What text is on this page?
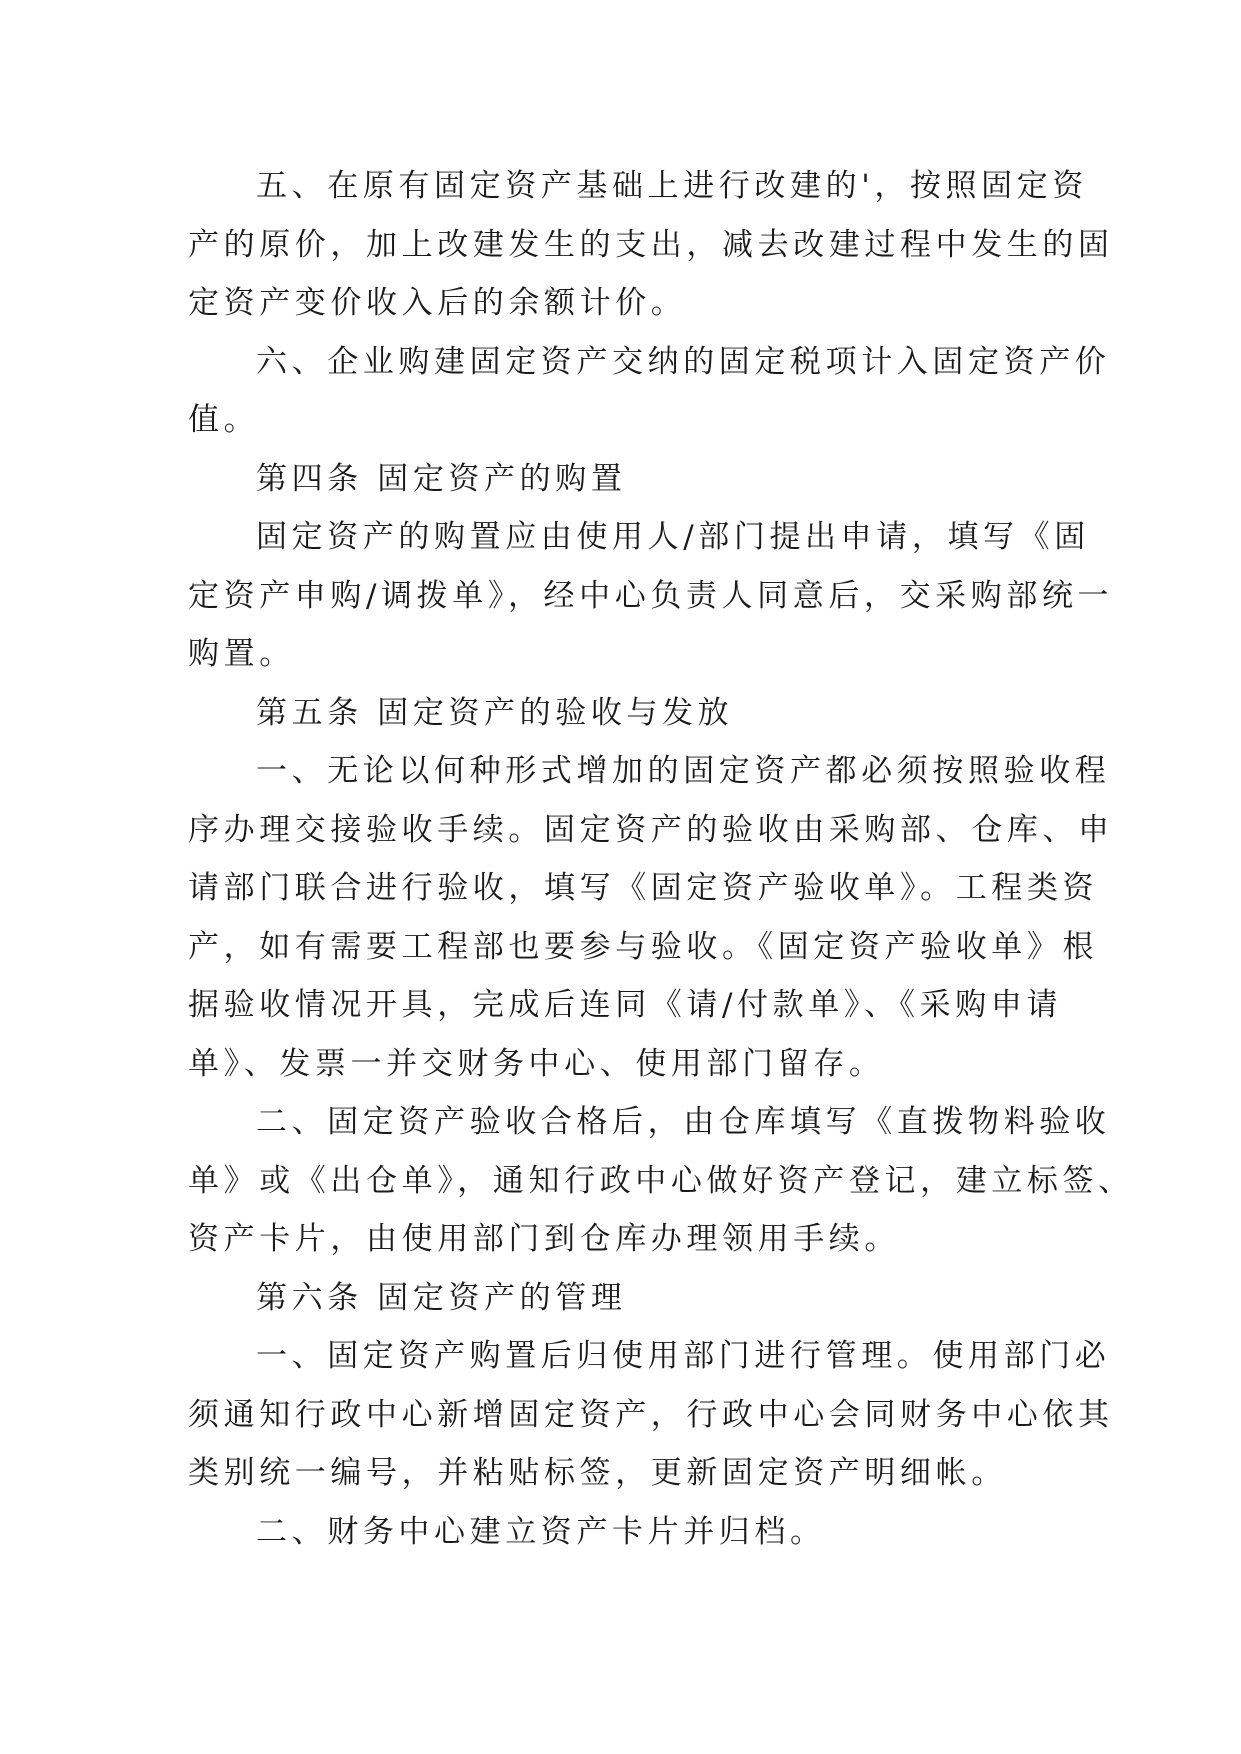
五、在原有固定资产基础上进行改建的'，按照固定资
产的原价，加上改建发生的支出，减去改建过程中发生的固
定资产变价收入后的余额计价。
六、企业购建固定资产交纳的固定税项计入固定资产价
值。
第四条 固定资产的购置
固定资产的购置应由使用人/部门提出申请，填写《固
定资产申购/调拨单》，经中心负责人同意后，交采购部统一
购置。
第五条 固定资产的验收与发放
一、无论以何种形式增加的固定资产都必须按照验收程
序办理交接验收手续。固定资产的验收由采购部、仓库、申
请部门联合进行验收，填写《固定资产验收单》。工程类资
产，如有需要工程部也要参与验收。《固定资产验收单》根
据验收情况开具，完成后连同《请/付款单》、《采购申请
单》、发票一并交财务中心、使用部门留存。
二、固定资产验收合格后，由仓库填写《直拨物料验收
单》或《出仓单》，通知行政中心做好资产登记，建立标签、
资产卡片，由使用部门到仓库办理领用手续。
第六条 固定资产的管理
一、固定资产购置后归使用部门进行管理。使用部门必
须通知行政中心新增固定资产，行政中心会同财务中心依其
类别统一编号，并粘贴标签，更新固定资产明细帐。
二、财务中心建立资产卡片并归档。
